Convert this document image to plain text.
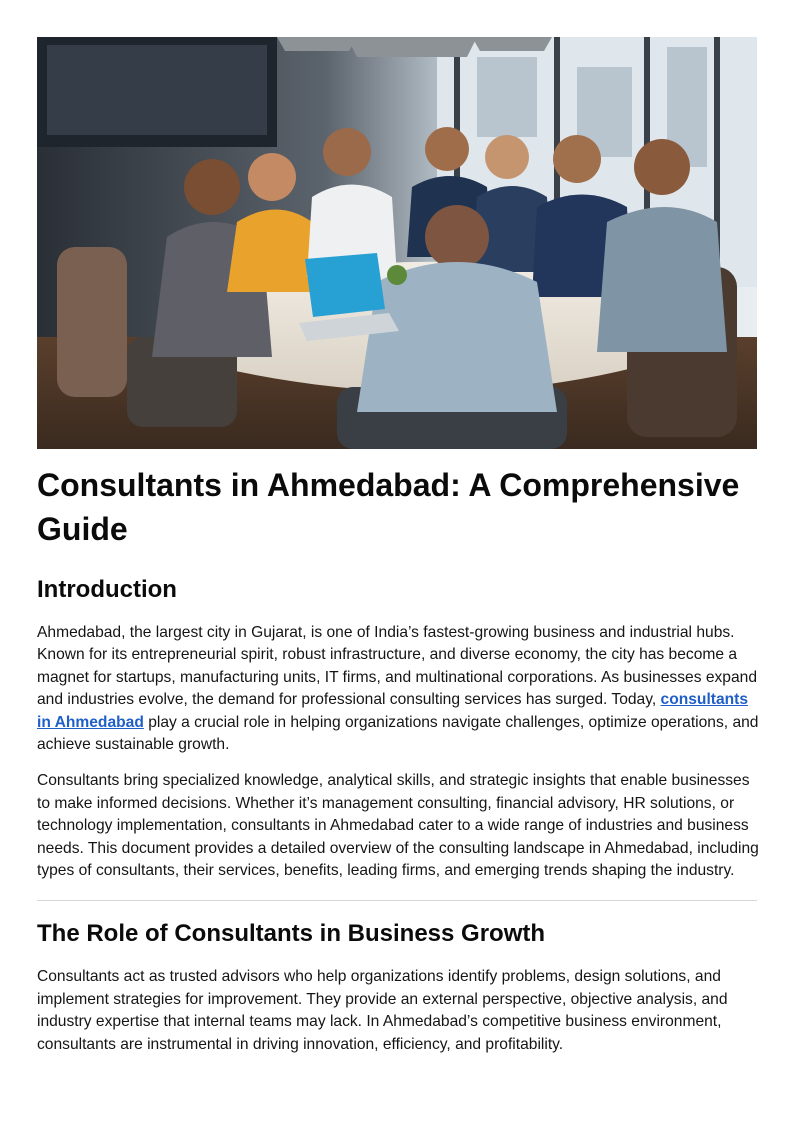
Consultants in Ahmedabad: A Comprehensive Guide
Introduction

Ahmedabad, the largest city in Gujarat, is one of India’s fastest-growing business and industrial hubs. Known for its entrepreneurial spirit, robust infrastructure, and diverse economy, the city has become a magnet for startups, manufacturing units, IT firms, and multinational corporations. As businesses expand and industries evolve, the demand for professional consulting services has surged. Today, consultants in Ahmedabad play a crucial role in helping organizations navigate challenges, optimize operations, and achieve sustainable growth.

Consultants bring specialized knowledge, analytical skills, and strategic insights that enable businesses to make informed decisions. Whether it’s management consulting, financial advisory, HR solutions, or technology implementation, consultants in Ahmedabad cater to a wide range of industries and business needs. This document provides a detailed overview of the consulting landscape in Ahmedabad, including types of consultants, their services, benefits, leading firms, and emerging trends shaping the industry.

The Role of Consultants in Business Growth

Consultants act as trusted advisors who help organizations identify problems, design solutions, and implement strategies for improvement. They provide an external perspective, objective analysis, and industry expertise that internal teams may lack. In Ahmedabad’s competitive business environment, consultants are instrumental in driving innovation, efficiency, and profitability.
